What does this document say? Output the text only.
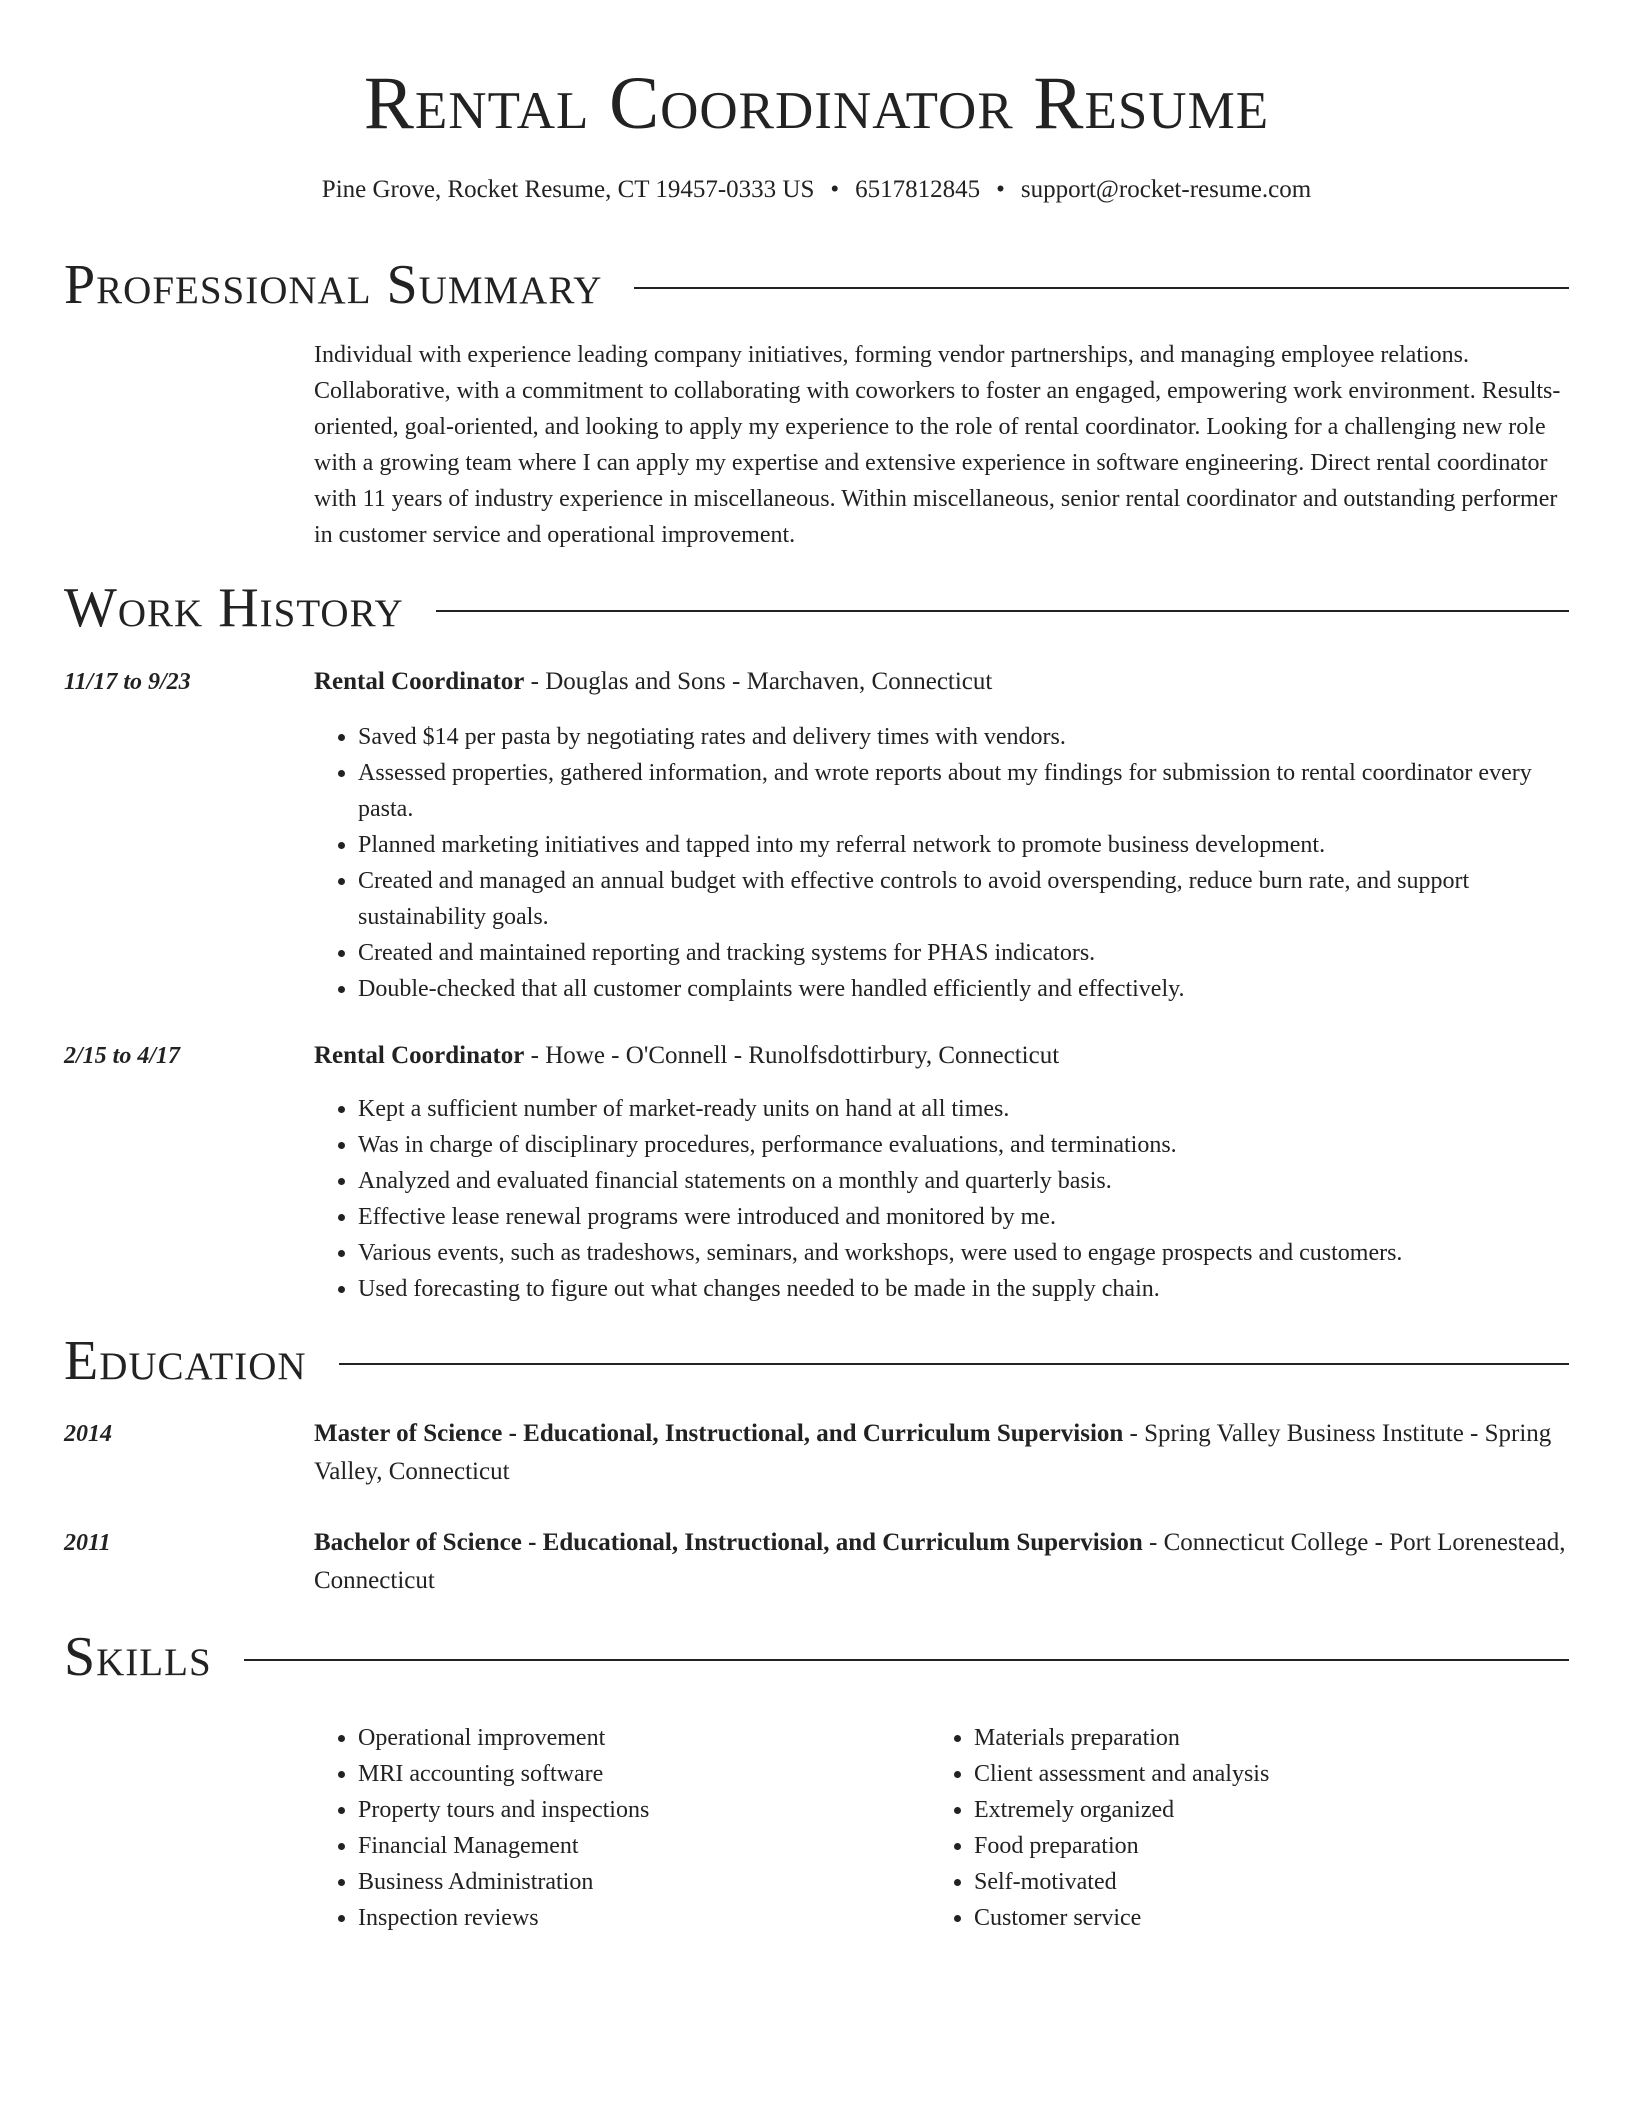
Rental Coordinator Resume
Pine Grove, Rocket Resume, CT 19457-0333 US • 6517812845 • support@rocket-resume.com
Professional Summary

Individual with experience leading company initiatives, forming vendor partnerships, and managing employee relations. Collaborative, with a commitment to collaborating with coworkers to foster an engaged, empowering work environment. Results-oriented, goal-oriented, and looking to apply my experience to the role of rental coordinator. Looking for a challenging new role with a growing team where I can apply my expertise and extensive experience in software engineering. Direct rental coordinator with 11 years of industry experience in miscellaneous. Within miscellaneous, senior rental coordinator and outstanding performer in customer service and operational improvement.

Work History
11/17 to 9/23	Rental Coordinator - Douglas and Sons - Marchaven, Connecticut
• Saved $14 per pasta by negotiating rates and delivery times with vendors.
• Assessed properties, gathered information, and wrote reports about my findings for submission to rental coordinator every pasta.
• Planned marketing initiatives and tapped into my referral network to promote business development.
• Created and managed an annual budget with effective controls to avoid overspending, reduce burn rate, and support sustainability goals.
• Created and maintained reporting and tracking systems for PHAS indicators.
• Double-checked that all customer complaints were handled efficiently and effectively.
2/15 to 4/17	Rental Coordinator - Howe - O'Connell - Runolfsdottirbury, Connecticut
• Kept a sufficient number of market-ready units on hand at all times.
• Was in charge of disciplinary procedures, performance evaluations, and terminations.
• Analyzed and evaluated financial statements on a monthly and quarterly basis.
• Effective lease renewal programs were introduced and monitored by me.
• Various events, such as tradeshows, seminars, and workshops, were used to engage prospects and customers.
• Used forecasting to figure out what changes needed to be made in the supply chain.
Education
2014	Master of Science - Educational, Instructional, and Curriculum Supervision - Spring Valley Business Institute - Spring Valley, Connecticut
2011	Bachelor of Science - Educational, Instructional, and Curriculum Supervision - Connecticut College - Port Lorenestead, Connecticut
Skills
• Operational improvement
• MRI accounting software
• Property tours and inspections
• Financial Management
• Business Administration
• Inspection reviews
• Materials preparation
• Client assessment and analysis
• Extremely organized
• Food preparation
• Self-motivated
• Customer service
